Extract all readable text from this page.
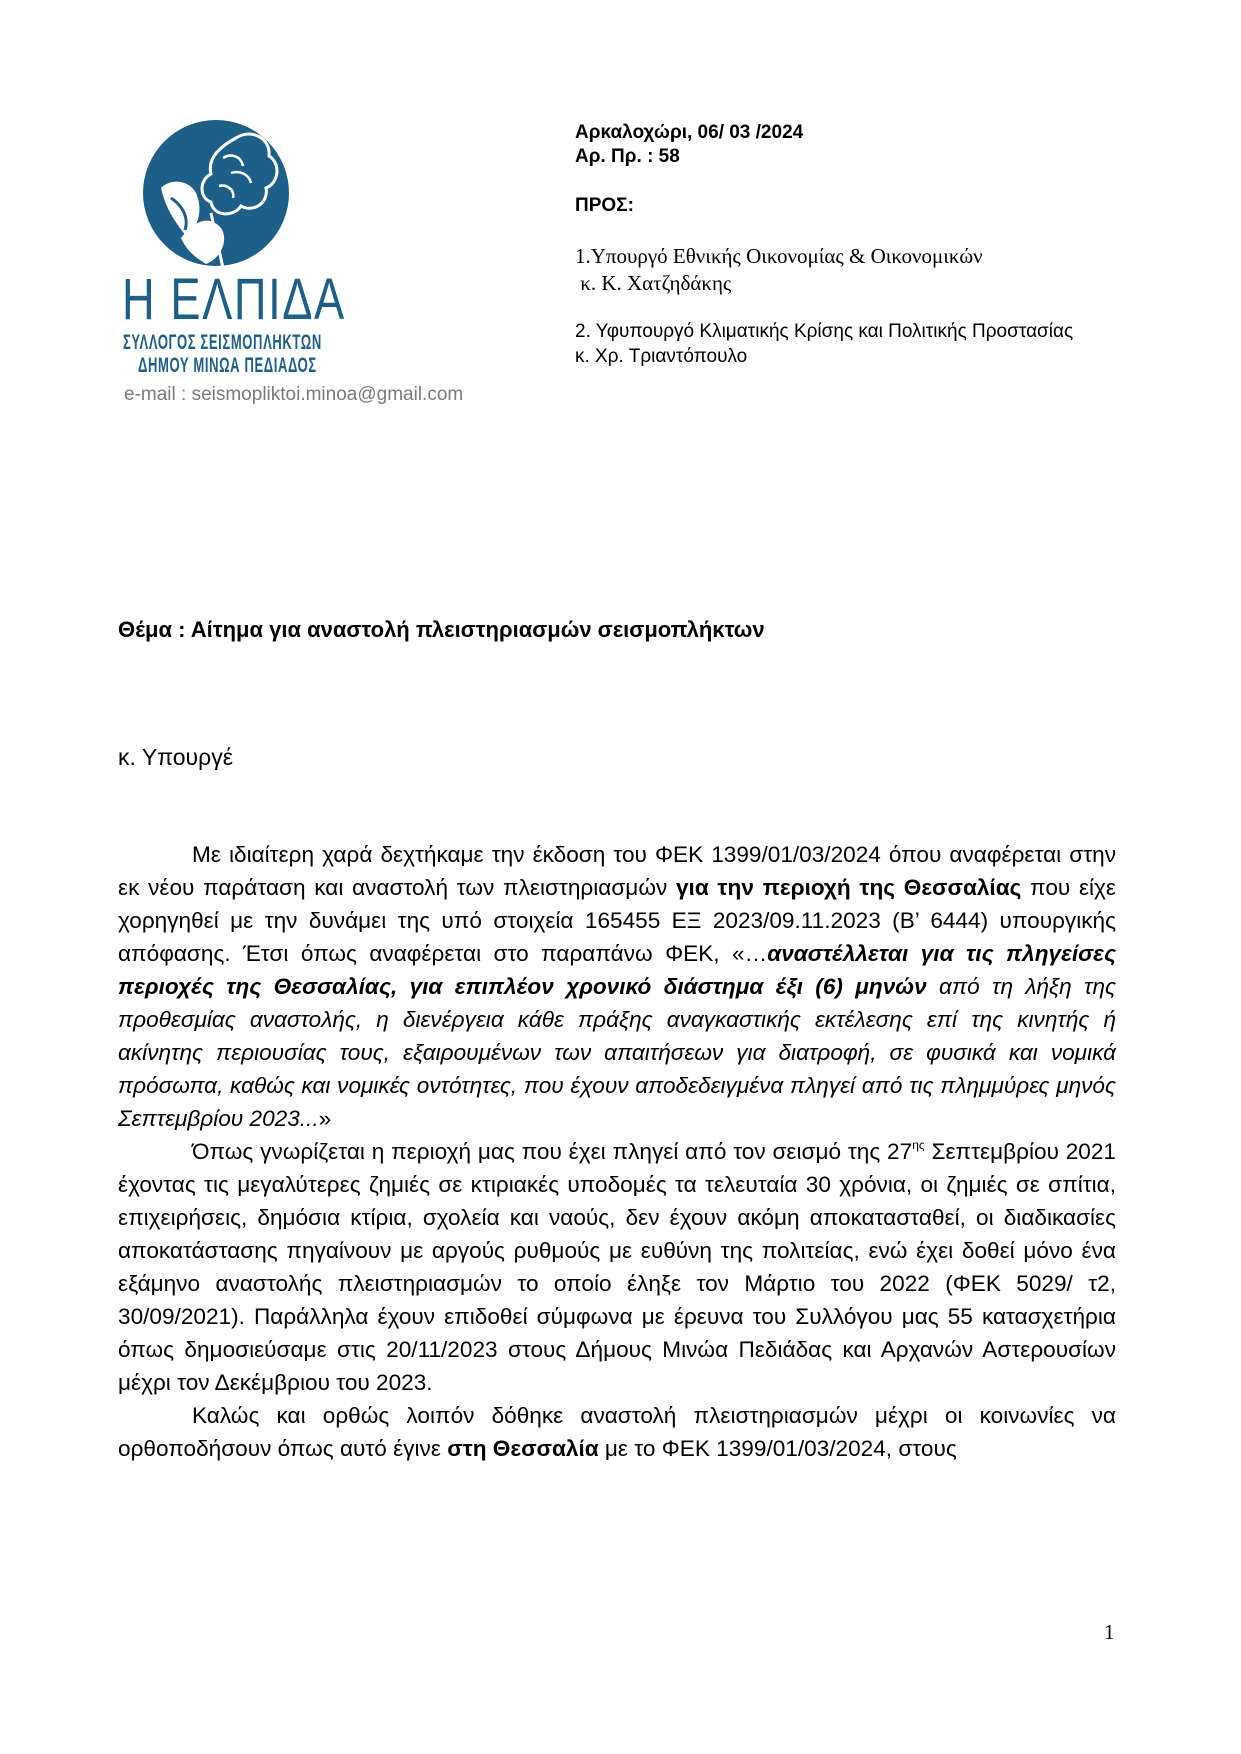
Η ΕΛΠΙΔΑ
ΣΥΛΛΟΓΟΣ ΣΕΙΣΜΟΠΛΗΚΤΩΝ
ΔΗΜΟΥ ΜΙΝΩΑ ΠΕΔΙΑΔΟΣ
e-mail : seismopliktoi.minoa@gmail.com
Αρκαλοχώρι, 06/ 03 /2024
Αρ. Πρ. : 58
ΠΡΟΣ:
1.Υπουργό Εθνικής Οικονομίας & Οικονομικών
κ. Κ. Χατζηδάκης
2. Υφυπουργό Κλιματικής Κρίσης και Πολιτικής Προστασίας
κ. Χρ. Τριαντόπουλο
Θέμα : Αίτημα για αναστολή πλειστηριασμών σεισμοπλήκτων
κ. Υπουργέ

Με ιδιαίτερη χαρά δεχτήκαμε την έκδοση του ΦΕΚ 1399/01/03/2024 όπου αναφέρεται στην εκ νέου παράταση και αναστολή των πλειστηριασμών για την περιοχή της Θεσσαλίας που είχε χορηγηθεί με την δυνάμει της υπό στοιχεία 165455 ΕΞ 2023/09.11.2023 (Β’ 6444) υπουργικής απόφασης. Έτσι όπως αναφέρεται στο παραπάνω ΦΕΚ, «…αναστέλλεται για τις πληγείσες περιοχές της Θεσσαλίας, για επιπλέον χρονικό διάστημα έξι (6) μηνών από τη λήξη της προθεσμίας αναστολής, η διενέργεια κάθε πράξης αναγκαστικής εκτέλεσης επί της κινητής ή ακίνητης περιουσίας τους, εξαιρουμένων των απαιτήσεων για διατροφή, σε φυσικά και νομικά πρόσωπα, καθώς και νομικές οντότητες, που έχουν αποδεδειγμένα πληγεί από τις πλημμύρες μηνός Σεπτεμβρίου 2023...»

Όπως γνωρίζεται η περιοχή μας που έχει πληγεί από τον σεισμό της $27^{\eta\varsigma}$ Σεπτεμβρίου 2021 έχοντας τις μεγαλύτερες ζημιές σε κτιριακές υποδομές τα τελευταία 30 χρόνια, οι ζημιές σε σπίτια, επιχειρήσεις, δημόσια κτίρια, σχολεία και ναούς, δεν έχουν ακόμη αποκατασταθεί, οι διαδικασίες αποκατάστασης πηγαίνουν με αργούς ρυθμούς με ευθύνη της πολιτείας, ενώ έχει δοθεί μόνο ένα εξάμηνο αναστολής πλειστηριασμών το οποίο έληξε τον Μάρτιο του 2022 (ΦΕΚ 5029/ τ2, 30/09/2021). Παράλληλα έχουν επιδοθεί σύμφωνα με έρευνα του Συλλόγου μας 55 κατασχετήρια όπως δημοσιεύσαμε στις 20/11/2023 στους Δήμους Μινώα Πεδιάδας και Αρχανών Αστερουσίων μέχρι τον Δεκέμβριου του 2023.

Καλώς και ορθώς λοιπόν δόθηκε αναστολή πλειστηριασμών μέχρι οι κοινωνίες να ορθοποδήσουν όπως αυτό έγινε στη Θεσσαλία με το ΦΕΚ 1399/01/03/2024, στους

1
